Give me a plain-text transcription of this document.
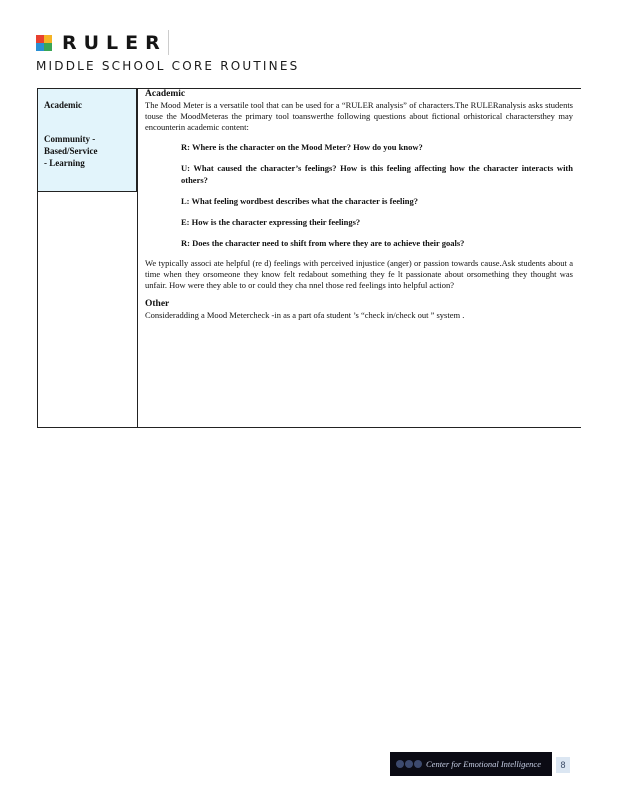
RULER
MIDDLE SCHOOL CORE ROUTINES
Academic
Community -
Based/Service
- Learning
Academic

The Mood Meter is a versatile tool that can be used for a “RULER analysis” of characters.The RULERanalysis asks students touse the MoodMeteras the primary tool toanswerthe following questions about fictional orhistorical charactersthey may encounterin academic content:

R: Where is the character on the Mood Meter? How do you know?
U: What caused the character’s feelings? How is this feeling affecting how the character interacts with others?
L: What feeling wordbest describes what the character is feeling?
E: How is the character expressing their feelings?
R: Does the character need to shift from where they are to achieve their goals?

We typically associ ate helpful (re d) feelings with perceived injustice (anger) or passion towards cause.Ask students about a time when they orsomeone they know felt redabout something they fe lt passionate about orsomething they thought was unfair. How were they able to or could they cha nnel those red feelings into helpful action?

Other

Consideradding a Mood Metercheck -in as a part ofa student ’s “check in/check out ” system .

Center for Emotional Intelligence	8
